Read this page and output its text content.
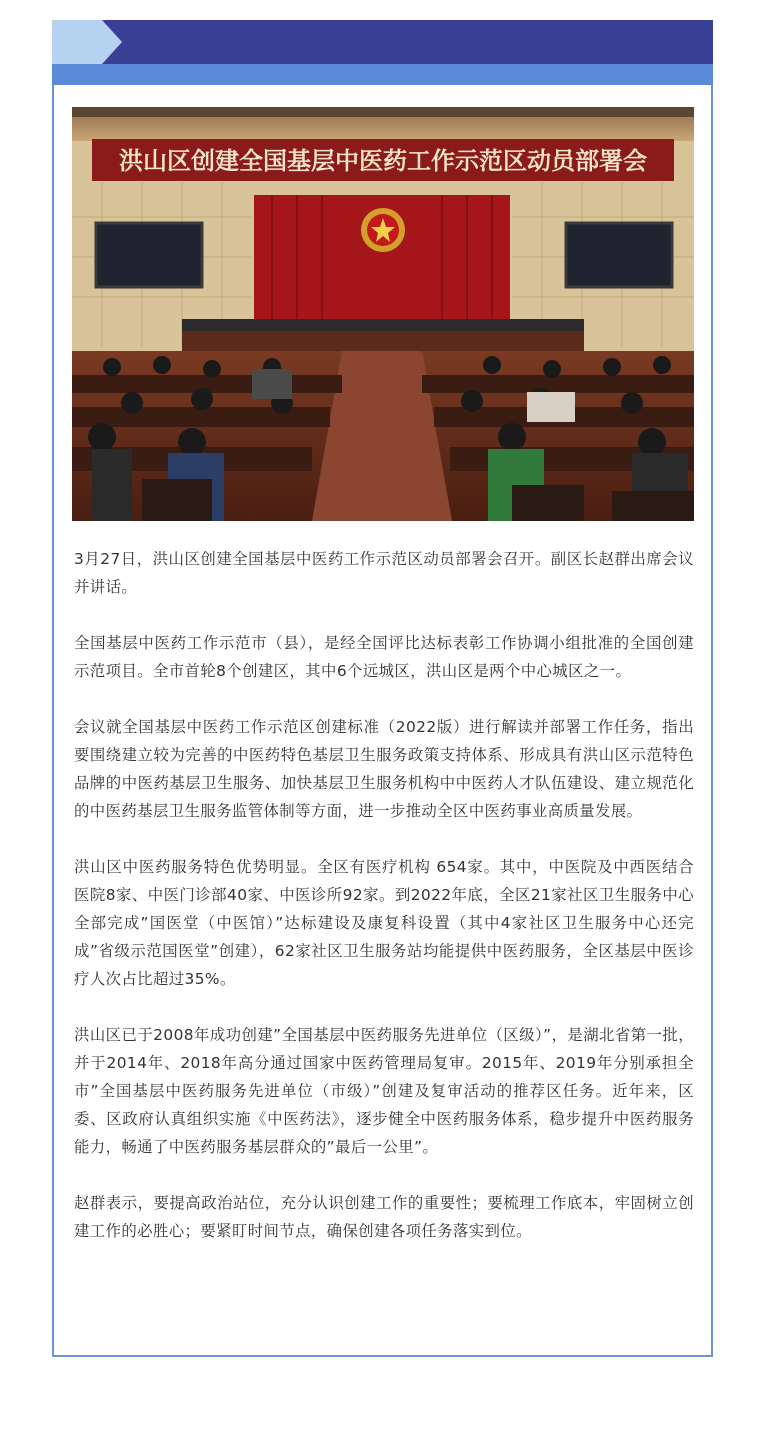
洪山区创建全国基层中医药工作示范区动员部署会

3月27日，洪山区创建全国基层中医药工作示范区动员部署会召开。副区长赵群出席会议并讲话。

全国基层中医药工作示范市（县），是经全国评比达标表彰工作协调小组批准的全国创建示范项目。全市首轮8个创建区，其中6个远城区，洪山区是两个中心城区之一。

会议就全国基层中医药工作示范区创建标准（2022版）进行解读并部署工作任务，指出要围绕建立较为完善的中医药特色基层卫生服务政策支持体系、形成具有洪山区示范特色品牌的中医药基层卫生服务、加快基层卫生服务机构中中医药人才队伍建设、建立规范化的中医药基层卫生服务监管体制等方面，进一步推动全区中医药事业高质量发展。

洪山区中医药服务特色优势明显。全区有医疗机构 654家。其中，中医院及中西医结合医院8家、中医门诊部40家、中医诊所92家。到2022年底，全区21家社区卫生服务中心全部完成”国医堂（中医馆）”达标建设及康复科设置（其中4家社区卫生服务中心还完成”省级示范国医堂”创建），62家社区卫生服务站均能提供中医药服务，全区基层中医诊疗人次占比超过35%。

洪山区已于2008年成功创建”全国基层中医药服务先进单位（区级）”，是湖北省第一批，并于2014年、2018年高分通过国家中医药管理局复审。2015年、2019年分别承担全市”全国基层中医药服务先进单位（市级）”创建及复审活动的推荐区任务。近年来，区委、区政府认真组织实施《中医药法》，逐步健全中医药服务体系，稳步提升中医药服务能力，畅通了中医药服务基层群众的”最后一公里”。

赵群表示，要提高政治站位，充分认识创建工作的重要性；要梳理工作底本，牢固树立创建工作的必胜心；要紧盯时间节点，确保创建各项任务落实到位。
